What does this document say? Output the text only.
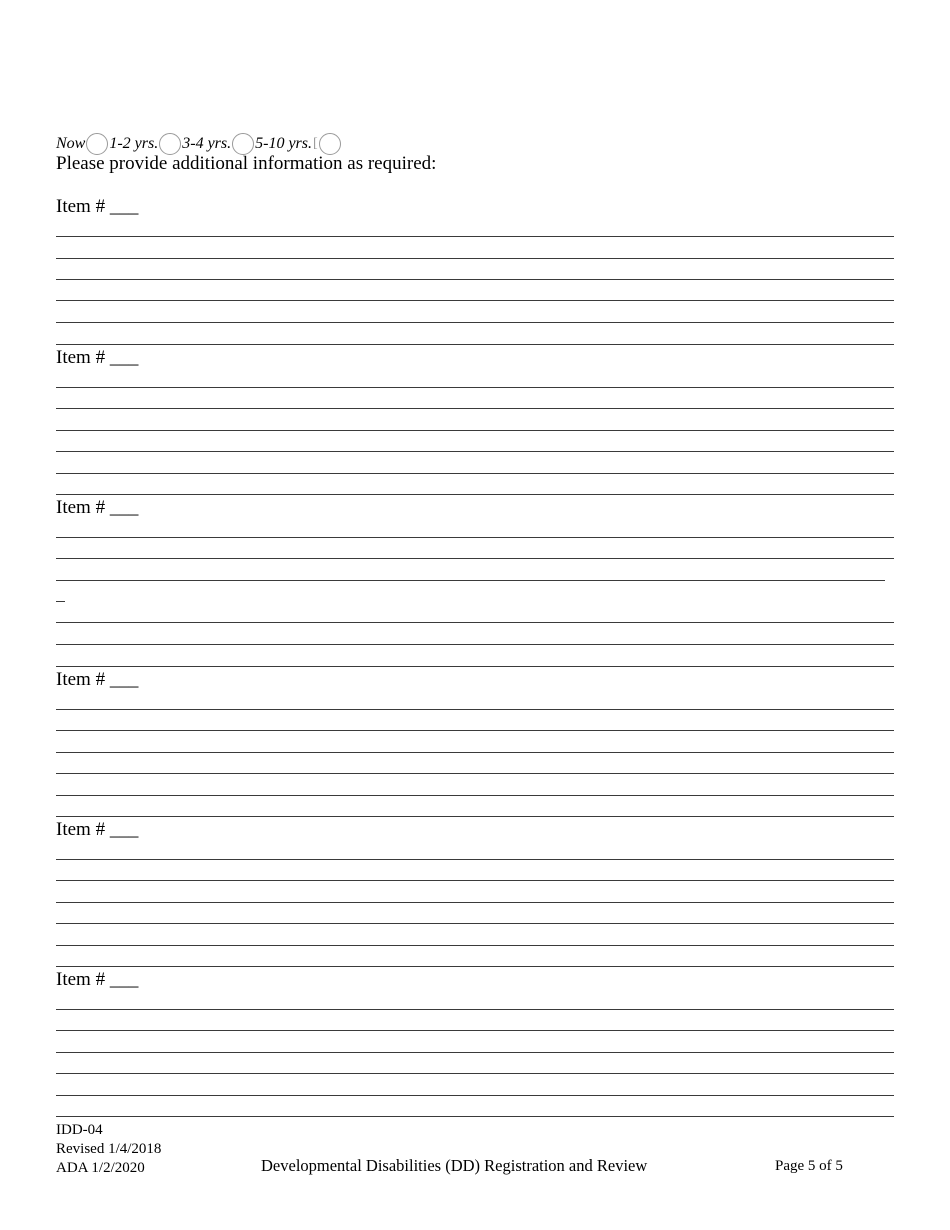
Now 1-2 yrs. 3-4 yrs. 5-10 yrs. [
Please provide additional information as required:
Item # ___
Item # ___
Item # ___
Item # ___
Item # ___
Item # ___
IDD-04
Revised 1/4/2018
ADA 1/2/2020	Developmental Disabilities (DD) Registration and Review	Page 5 of 5
